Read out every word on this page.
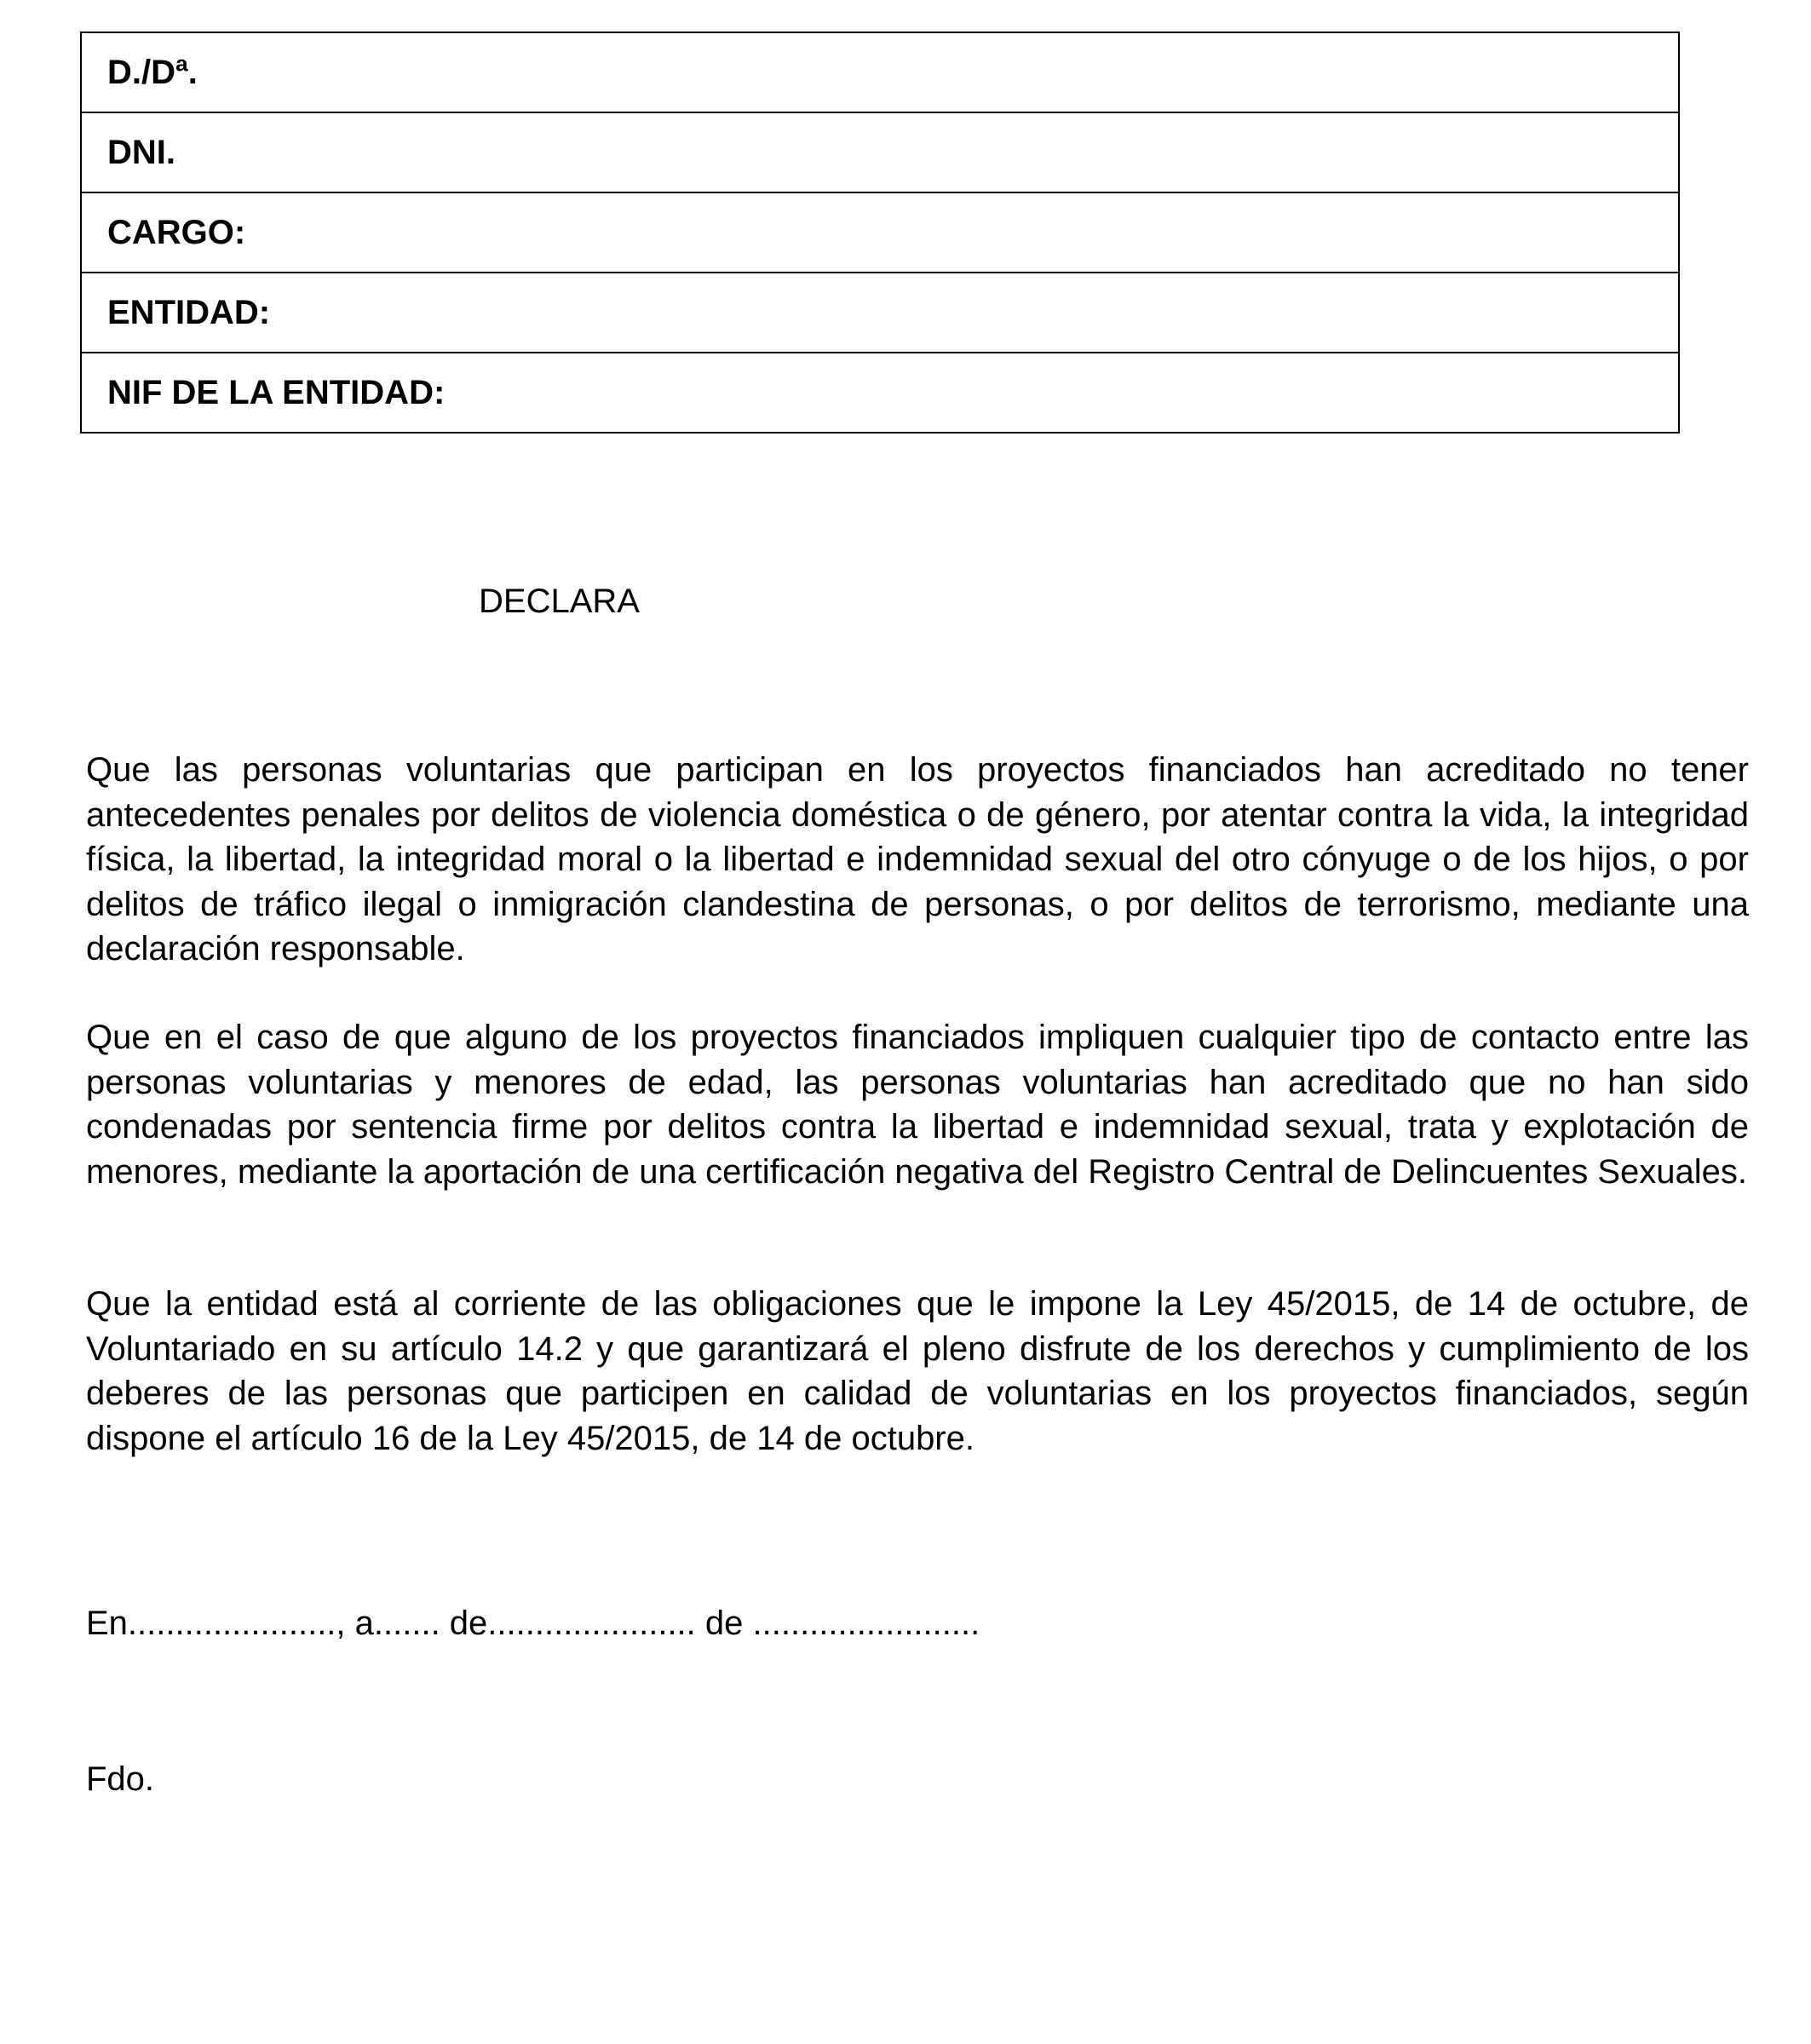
D./Dª.
DNI.
CARGO:
ENTIDAD:
NIF DE LA ENTIDAD:
DECLARA

Que las personas voluntarias que participan en los proyectos financiados han acreditado no tener antecedentes penales por delitos de violencia doméstica o de género, por atentar contra la vida, la integridad física, la libertad, la integridad moral o la libertad e indemnidad sexual del otro cónyuge o de los hijos, o por delitos de tráfico ilegal o inmigración clandestina de personas, o por delitos de terrorismo, mediante una declaración responsable.

Que en el caso de que alguno de los proyectos financiados impliquen cualquier tipo de contacto entre las personas voluntarias y menores de edad, las personas voluntarias han acreditado que no han sido condenadas por sentencia firme por delitos contra la libertad e indemnidad sexual, trata y explotación de menores, mediante la aportación de una certificación negativa del Registro Central de Delincuentes Sexuales.

Que la entidad está al corriente de las obligaciones que le impone la Ley 45/2015, de 14 de octubre, de Voluntariado en su artículo 14.2 y que garantizará el pleno disfrute de los derechos y cumplimiento de los deberes de las personas que participen en calidad de voluntarias en los proyectos financiados, según dispone el artículo 16 de la Ley 45/2015, de 14 de octubre.

En......................, a....... de...................... de ........................
Fdo.
